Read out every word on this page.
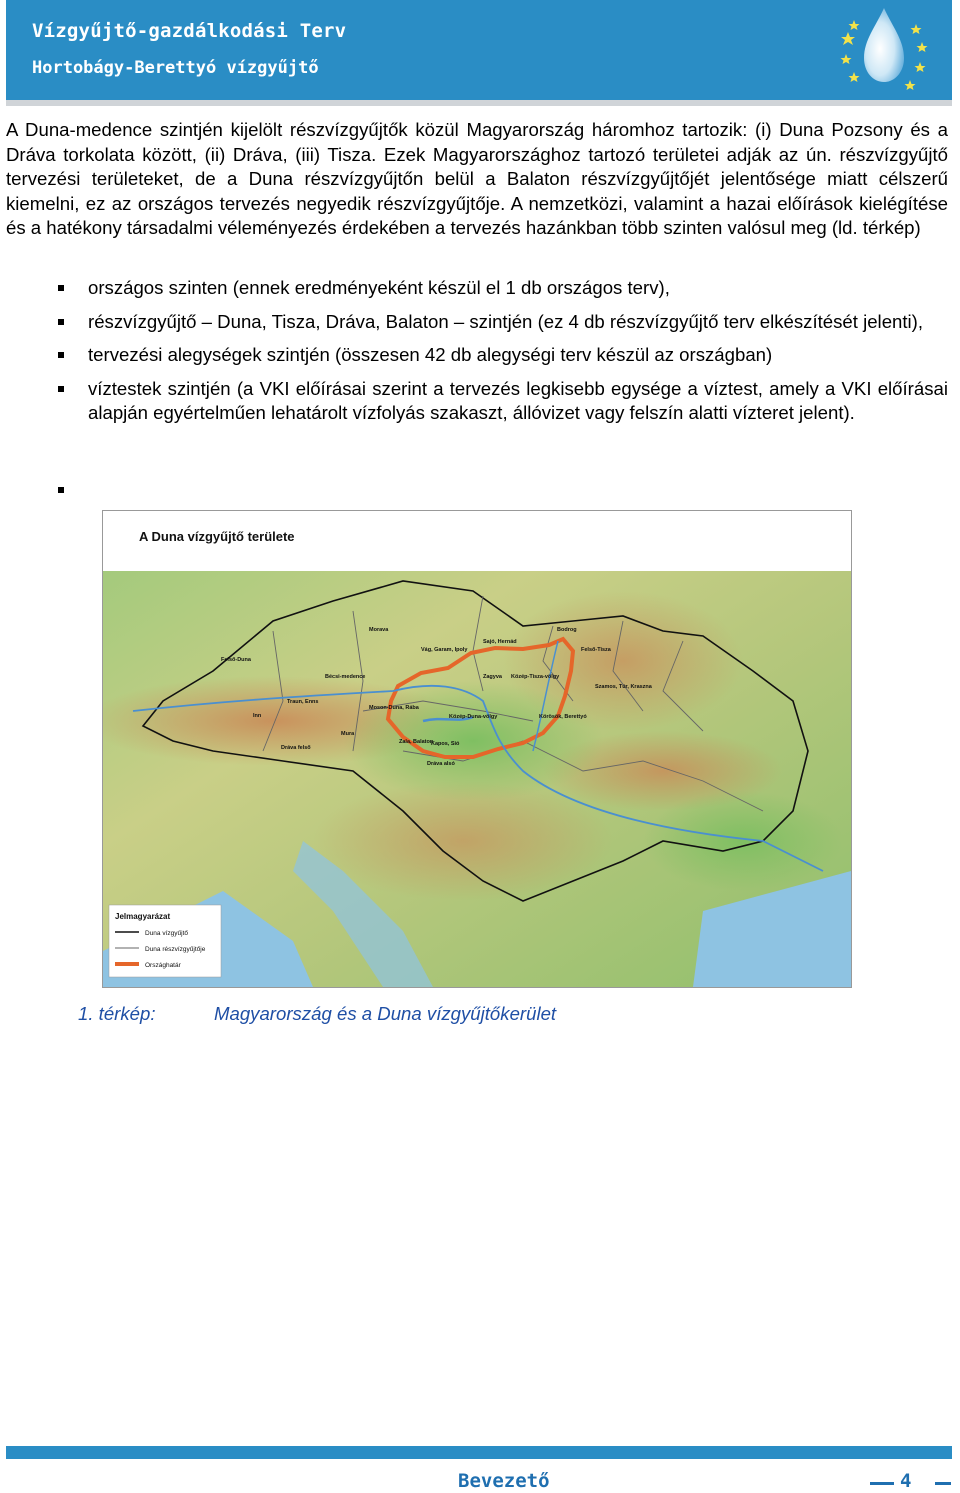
Vízgyűjtő-gazdálkodási Terv
Hortobágy-Berettyó vízgyűjtő

A Duna-medence szintjén kijelölt részvízgyűjtők közül Magyarország háromhoz tartozik: (i) Duna Pozsony és a Dráva torkolata között, (ii) Dráva, (iii) Tisza. Ezek Magyarországhoz tartozó területei adják az ún. részvízgyűjtő tervezési területeket, de a Duna részvízgyűjtőn belül a Balaton részvízgyűjtőjét jelentősége miatt célszerű kiemelni, ez az országos tervezés negyedik részvízgyűjtője. A nemzetközi, valamint a hazai előírások kielégítése és a hatékony társadalmi véleményezés érdekében a tervezés hazánkban több szinten valósul meg (ld. térkép)

országos szinten (ennek eredményeként készül el 1 db országos terv),
részvízgyűjtő – Duna, Tisza, Dráva, Balaton – szintjén (ez 4 db részvízgyűjtő terv elkészítését jelenti),
tervezési alegységek szintjén (összesen 42 db alegységi terv készül az országban)
víztestek szintjén (a VKI előírásai szerint a tervezés legkisebb egysége a víztest, amely a VKI előírásai alapján egyértelműen lehatárolt vízfolyás szakaszt, állóvizet vagy felszín alatti vízteret jelent).
A Duna vízgyűjtő területe
Morava	Bodrog
Sajó, Hernád
Felső-Tisza
Vág, Garam, Ipoly
Felső-Duna
Bécsi-medence	Zagyva Közép-Tisza-völgy
Szamos, Túr, Kraszna
Traun, Enns
Moson-Duna, Rába
Közép-Duna-völgy	Körösök, Berettyó
Inn
Mura
Zala, Balaton
Kapos, Sió
Dráva felső
Dráva alsó
Jelmagyarázat
Duna vízgyűjtő
Duna részvízgyűjtője
Országhatár
1. térkép:	Magyarország és a Duna vízgyűjtőkerület
Bevezető	4
